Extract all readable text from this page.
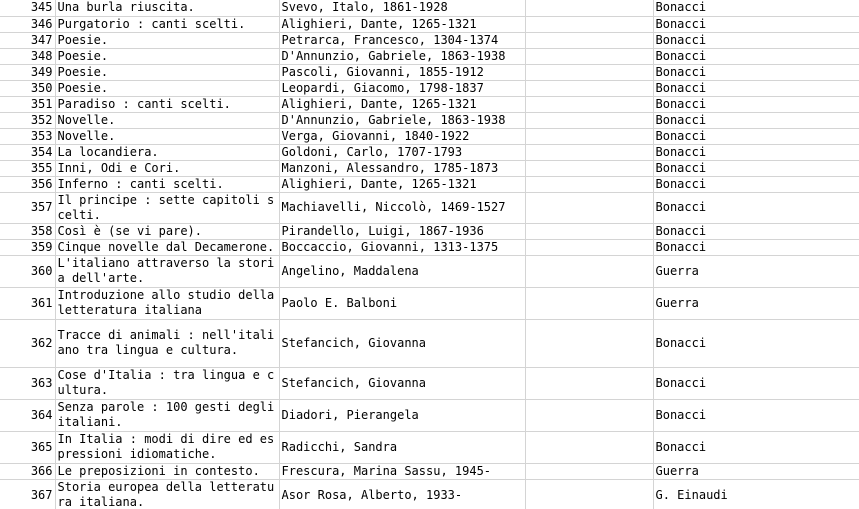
345	Una burla riuscita.	Svevo, Italo, 1861-1928		Bonacci
346	Purgatorio : canti scelti.	Alighieri, Dante, 1265-1321		Bonacci
347	Poesie.	Petrarca, Francesco, 1304-1374		Bonacci
348	Poesie.	D'Annunzio, Gabriele, 1863-1938		Bonacci
349	Poesie.	Pascoli, Giovanni, 1855-1912		Bonacci
350	Poesie.	Leopardi, Giacomo, 1798-1837		Bonacci
351	Paradiso : canti scelti.	Alighieri, Dante, 1265-1321		Bonacci
352	Novelle.	D'Annunzio, Gabriele, 1863-1938		Bonacci
353	Novelle.	Verga, Giovanni, 1840-1922		Bonacci
354	La locandiera.	Goldoni, Carlo, 1707-1793		Bonacci
355	Inni, Odi e Cori.	Manzoni, Alessandro, 1785-1873		Bonacci
356	Inferno : canti scelti.	Alighieri, Dante, 1265-1321		Bonacci
357	Il principe : sette capitoli scelti.	Machiavelli, Niccolò, 1469-1527		Bonacci
358	Così è (se vi pare).	Pirandello, Luigi, 1867-1936		Bonacci
359	Cinque novelle dal Decamerone.	Boccaccio, Giovanni, 1313-1375		Bonacci
360	L'italiano attraverso la storia dell'arte.	Angelino, Maddalena		Guerra
361	Introduzione allo studio della letteratura italiana	Paolo E. Balboni		Guerra
362	Tracce di animali : nell'italiano tra lingua e cultura.	Stefancich, Giovanna		Bonacci
363	Cose d'Italia : tra lingua e cultura.	Stefancich, Giovanna		Bonacci
364	Senza parole : 100 gesti degli italiani.	Diadori, Pierangela		Bonacci
365	In Italia : modi di dire ed espressioni idiomatiche.	Radicchi, Sandra		Bonacci
366	Le preposizioni in contesto.	Frescura, Marina Sassu, 1945-		Guerra
367	Storia europea della letteratura italiana.	Asor Rosa, Alberto, 1933-		G. Einaudi
